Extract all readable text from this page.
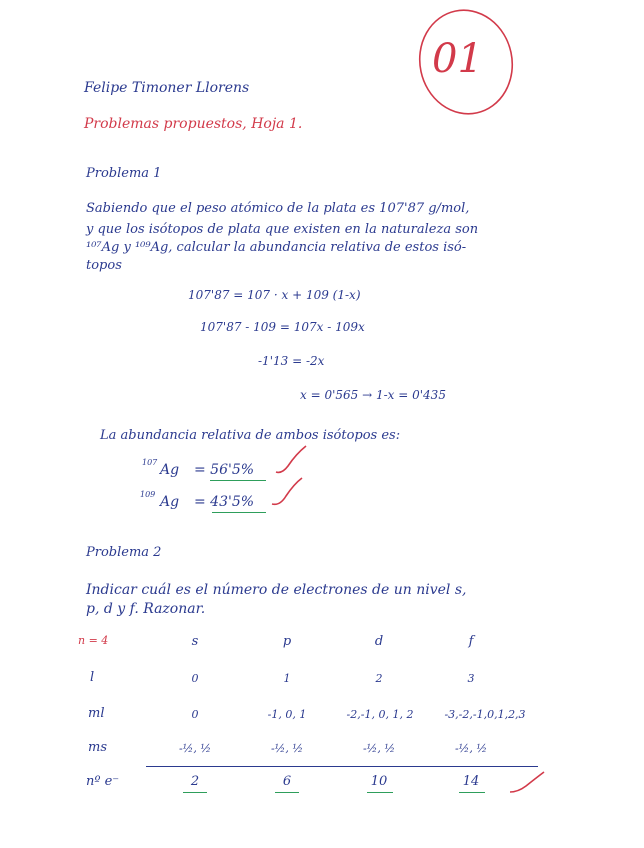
01
Felipe Timoner Llorens
Problemas propuestos, Hoja 1.
Problema 1
Sabiendo que el peso atómico de la plata es 107'87 g/mol,
y que los isótopos de plata que existen en la naturaleza son
¹⁰⁷Ag y ¹⁰⁹Ag, calcular la abundancia relativa de estos isó-
topos
107'87 = 107 · x + 109 (1-x)
107'87 - 109 = 107x - 109x
-1'13 = -2x
x = 0'565 → 1-x = 0'435
La abundancia relativa de ambos isótopos es:
107 Ag = 56'5%
109 Ag = 43'5%
Problema 2
Indicar cuál es el número de electrones de un nivel s,
p, d y f. Razonar.
n = 4	s	p	d	f
l	0	1	2	3
ml	0	-1, 0, 1	-2,-1, 0, 1, 2	-3,-2,-1,0,1,2,3
ms	-½, ½	-½, ½	-½, ½	-½, ½
nº e⁻	2	6	10	14
